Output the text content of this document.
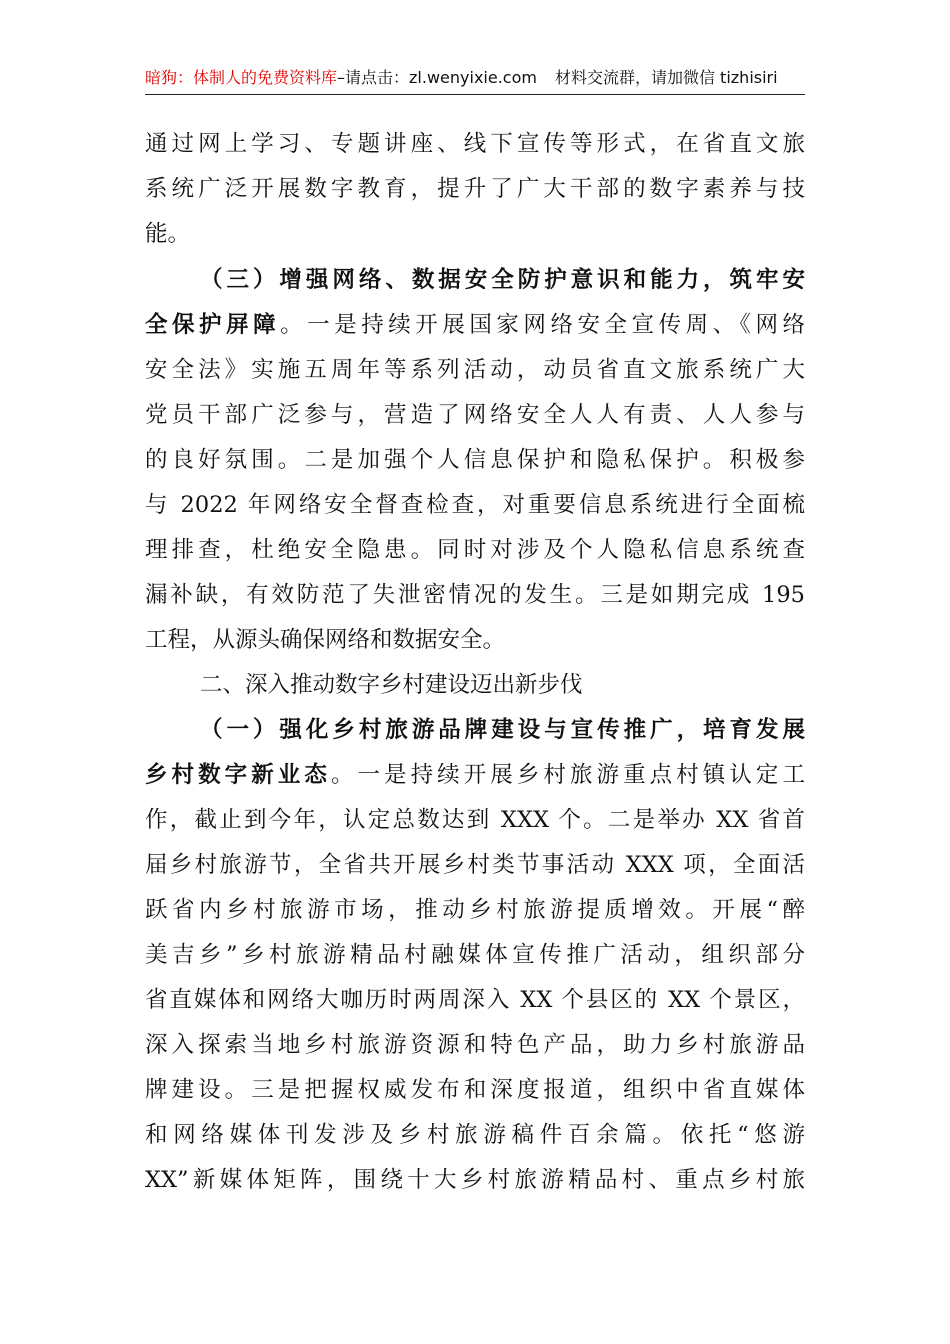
暗狗：体制人的免费资料库–请点击：zl.wenyixie.com 材料交流群，请加微信 tizhisiri
通过网上学习、专题讲座、线下宣传等形式，在省直文旅
系统广泛开展数字教育，提升了广大干部的数字素养与技
能。
（三）增强网络、数据安全防护意识和能力，筑牢安
全保护屏障。一是持续开展国家网络安全宣传周、《网络
安全法》实施五周年等系列活动，动员省直文旅系统广大
党员干部广泛参与，营造了网络安全人人有责、人人参与
的良好氛围。二是加强个人信息保护和隐私保护。积极参
与 2022 年网络安全督查检查，对重要信息系统进行全面梳
理排查，杜绝安全隐患。同时对涉及个人隐私信息系统查
漏补缺，有效防范了失泄密情况的发生。三是如期完成 195
工程，从源头确保网络和数据安全。
二、深入推动数字乡村建设迈出新步伐
（一）强化乡村旅游品牌建设与宣传推广，培育发展
乡村数字新业态。一是持续开展乡村旅游重点村镇认定工
作，截止到今年，认定总数达到 XXX 个。二是举办 XX 省首
届乡村旅游节，全省共开展乡村类节事活动 XXX 项，全面活
跃省内乡村旅游市场，推动乡村旅游提质增效。开展“醉
美吉乡”乡村旅游精品村融媒体宣传推广活动，组织部分
省直媒体和网络大咖历时两周深入 XX 个县区的 XX 个景区，
深入探索当地乡村旅游资源和特色产品，助力乡村旅游品
牌建设。三是把握权威发布和深度报道，组织中省直媒体
和网络媒体刊发涉及乡村旅游稿件百余篇。依托“悠游
XX”新媒体矩阵，围绕十大乡村旅游精品村、重点乡村旅
